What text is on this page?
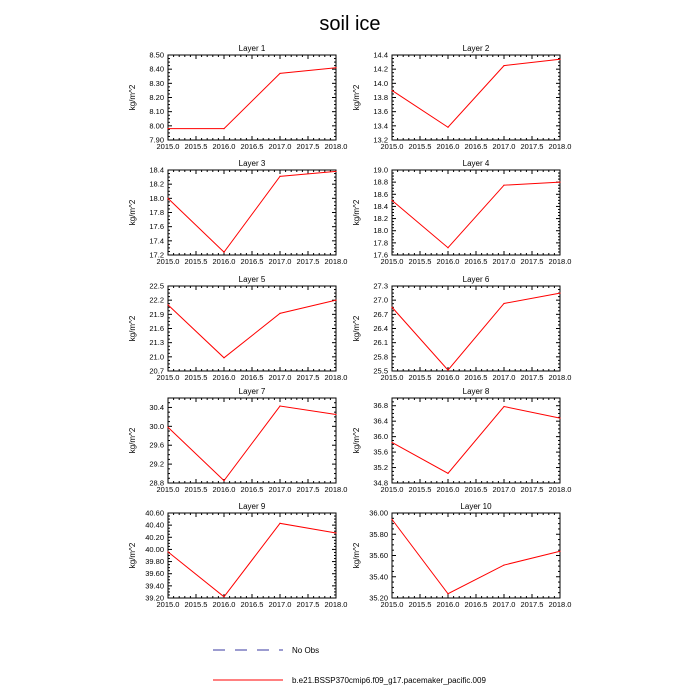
soil ice
Layer 1
kg/m^2
2015.0 2015.5 2016.0 2016.5 2017.0 2017.5 2018.0
7.90
8.00
8.10
8.20
8.30
8.40
8.50
Layer 2
kg/m^2
2015.0 2015.5 2016.0 2016.5 2017.0 2017.5 2018.0
13.2
13.4
13.6
13.8
14.0
14.2
14.4
Layer 3
kg/m^2
2015.0 2015.5 2016.0 2016.5 2017.0 2017.5 2018.0
17.2
17.4
17.6
17.8
18.0
18.2
18.4
Layer 4
kg/m^2
2015.0 2015.5 2016.0 2016.5 2017.0 2017.5 2018.0
17.6
17.8
18.0
18.2
18.4
18.6
18.8
19.0
Layer 5
kg/m^2
2015.0 2015.5 2016.0 2016.5 2017.0 2017.5 2018.0
20.7
21.0
21.3
21.6
21.9
22.2
22.5
Layer 6
kg/m^2
2015.0 2015.5 2016.0 2016.5 2017.0 2017.5 2018.0
25.5
25.8
26.1
26.4
26.7
27.0
27.3
Layer 7
kg/m^2
2015.0 2015.5 2016.0 2016.5 2017.0 2017.5 2018.0
28.8
29.2
29.6
30.0
30.4
Layer 8
kg/m^2
2015.0 2015.5 2016.0 2016.5 2017.0 2017.5 2018.0
34.8
35.2
35.6
36.0
36.4
36.8
Layer 9
kg/m^2
2015.0 2015.5 2016.0 2016.5 2017.0 2017.5 2018.0
39.20
39.40
39.60
39.80
40.00
40.20
40.40
40.60
Layer 10
kg/m^2
2015.0 2015.5 2016.0 2016.5 2017.0 2017.5 2018.0
35.20
35.40
35.60
35.80
36.00
No Obs
b.e21.BSSP370cmip6.f09_g17.pacemaker_pacific.009
